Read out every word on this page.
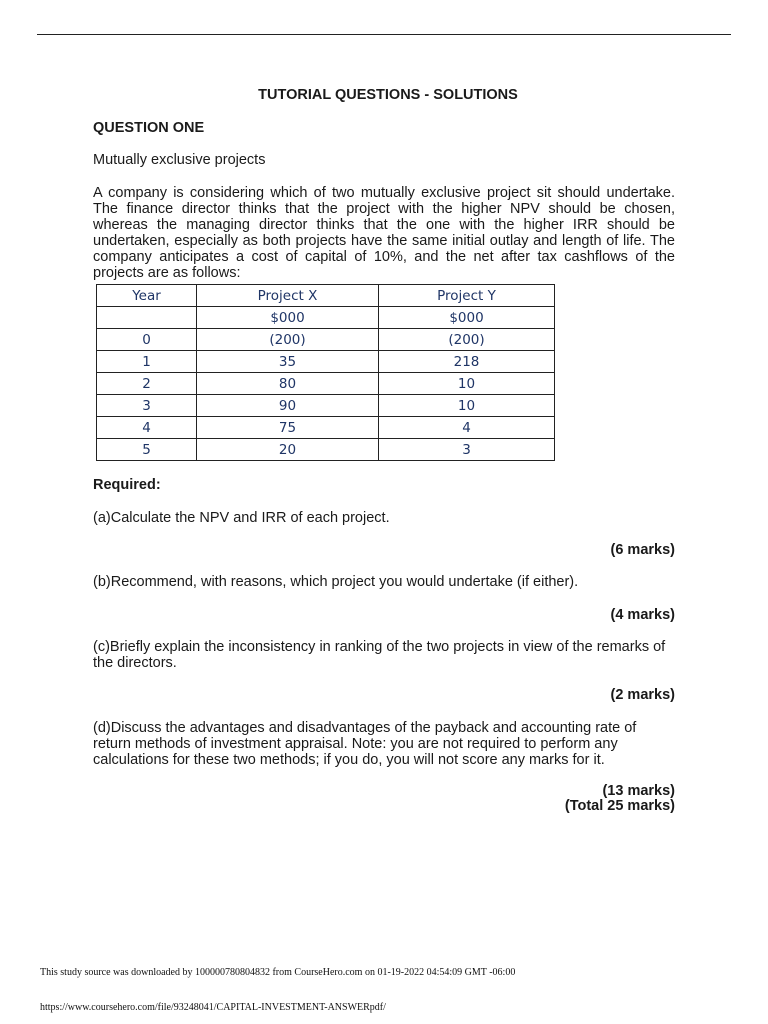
TUTORIAL QUESTIONS - SOLUTIONS
QUESTION ONE
Mutually exclusive projects
A company is considering which of two mutually exclusive project sit should undertake. The finance director thinks that the project with the higher NPV should be chosen, whereas the managing director thinks that the one with the higher IRR should be undertaken, especially as both projects have the same initial outlay and length of life. The company anticipates a cost of capital of 10%, and the net after tax cashflows of the projects are as follows:
Year	Project X	Project Y
	$000	$000
0	(200)	(200)
1	35	218
2	80	10
3	90	10
4	75	4
5	20	3
Required:
(a)Calculate the NPV and IRR of each project.
(6 marks)
(b)Recommend, with reasons, which project you would undertake (if either).
(4 marks)
(c)Briefly explain the inconsistency in ranking of the two projects in view of the remarks of the directors.
(2 marks)
(d)Discuss the advantages and disadvantages of the payback and accounting rate of return methods of investment appraisal. Note: you are not required to perform any calculations for these two methods; if you do, you will not score any marks for it.
(13 marks)
(Total 25 marks)
This study source was downloaded by 100000780804832 from CourseHero.com on 01-19-2022 04:54:09 GMT -06:00
https://www.coursehero.com/file/93248041/CAPITAL-INVESTMENT-ANSWERpdf/
